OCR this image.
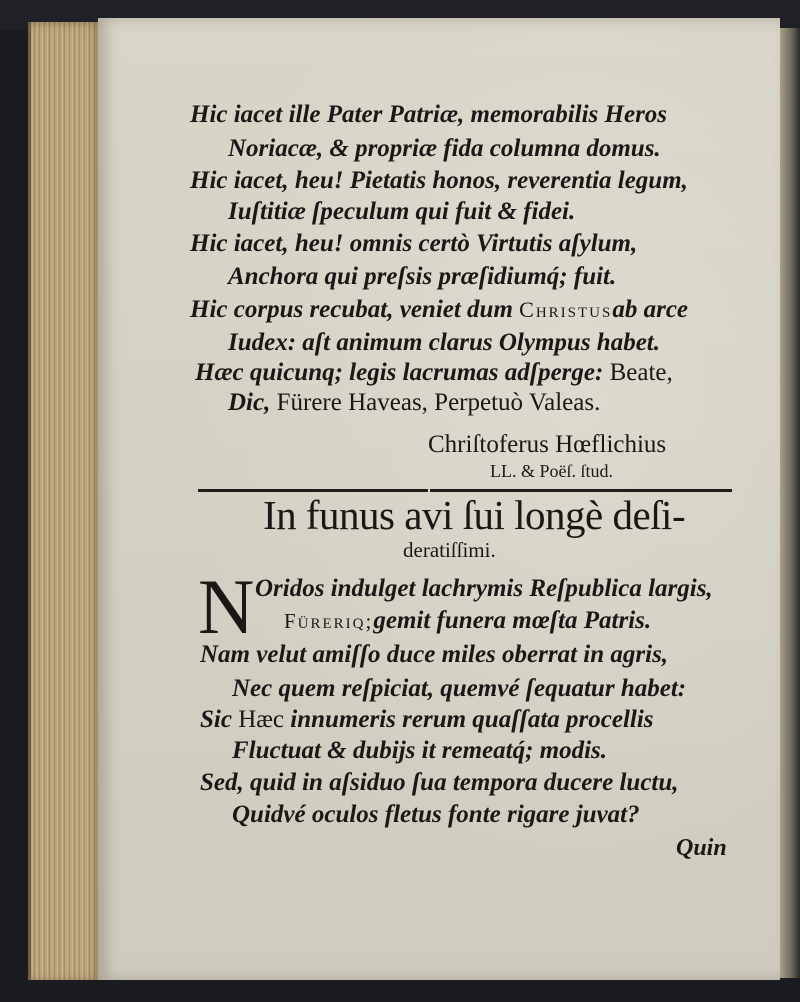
Hic iacet ille Pater Patriæ, memorabilis Heros
Noriacæ, & propriæ fida columna domus.
Hic iacet, heu! Pietatis honos, reverentia legum,
Iuſtitiæ ſpeculum qui fuit & fidei.
Hic iacet, heu! omnis certò Virtutis aſylum,
Anchora qui preſsis præſidiumq́; fuit.
Hic corpus recubat, veniet dum Christusab arce
Iudex: aſt animum clarus Olympus habet.
Hæc quicunq; legis lacrumas adſperge: Beate,
Dic, Fürere Haveas, Perpetuò Valeas.
Chriſtoferus Hœflichius
LL. & Poëſ. ſtud.
In funus avi ſui longè deſi-
deratiſſimi.
N Oridos indulget lachrymis Reſpublica largis,
Füreriq;gemit funera mœſta Patris.
Nam velut amiſſo duce miles oberrat in agris,
Nec quem reſpiciat, quemvé ſequatur habet:
Sic Hæc innumeris rerum quaſſata procellis
Fluctuat & dubijs it remeatq́; modis.
Sed, quid in aſsiduo ſua tempora ducere luctu,
Quidvé oculos fletus fonte rigare juvat?
Quin
